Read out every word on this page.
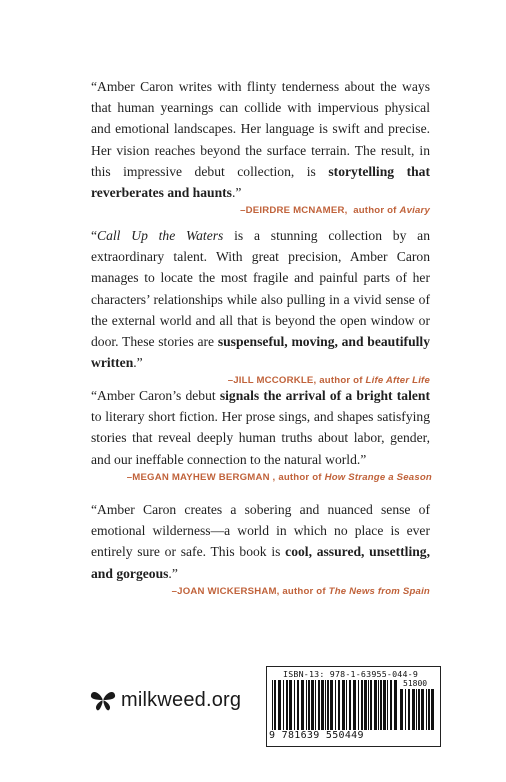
“Amber Caron writes with flinty tenderness about the ways that human yearnings can collide with impervious physical and emotional landscapes. Her language is swift and precise. Her vision reaches beyond the surface terrain. The result, in this impressive debut collection, is storytelling that reverberates and haunts.”

–DEIRDRE MCNAMER, author of Aviary

“Call Up the Waters is a stunning collection by an extraordinary talent. With great precision, Amber Caron manages to locate the most fragile and painful parts of her characters’ relationships while also pulling in a vivid sense of the external world and all that is beyond the open window or door. These stories are suspenseful, moving, and beautifully written.”

–JILL MCCORKLE, author of Life After Life

“Amber Caron’s debut signals the arrival of a bright talent to literary short fiction. Her prose sings, and shapes satisfying stories that reveal deeply human truths about labor, gender, and our ineffable connection to the natural world.”

–MEGAN MAYHEW BERGMAN , author of How Strange a Season

“Amber Caron creates a sobering and nuanced sense of emotional wilderness—a world in which no place is ever entirely sure or safe. This book is cool, assured, unsettling, and gorgeous.”

–JOAN WICKERSHAM, author of The News from Spain
milkweed.org
ISBN-13: 978-1-63955-044-9
51800
9 781639 550449
